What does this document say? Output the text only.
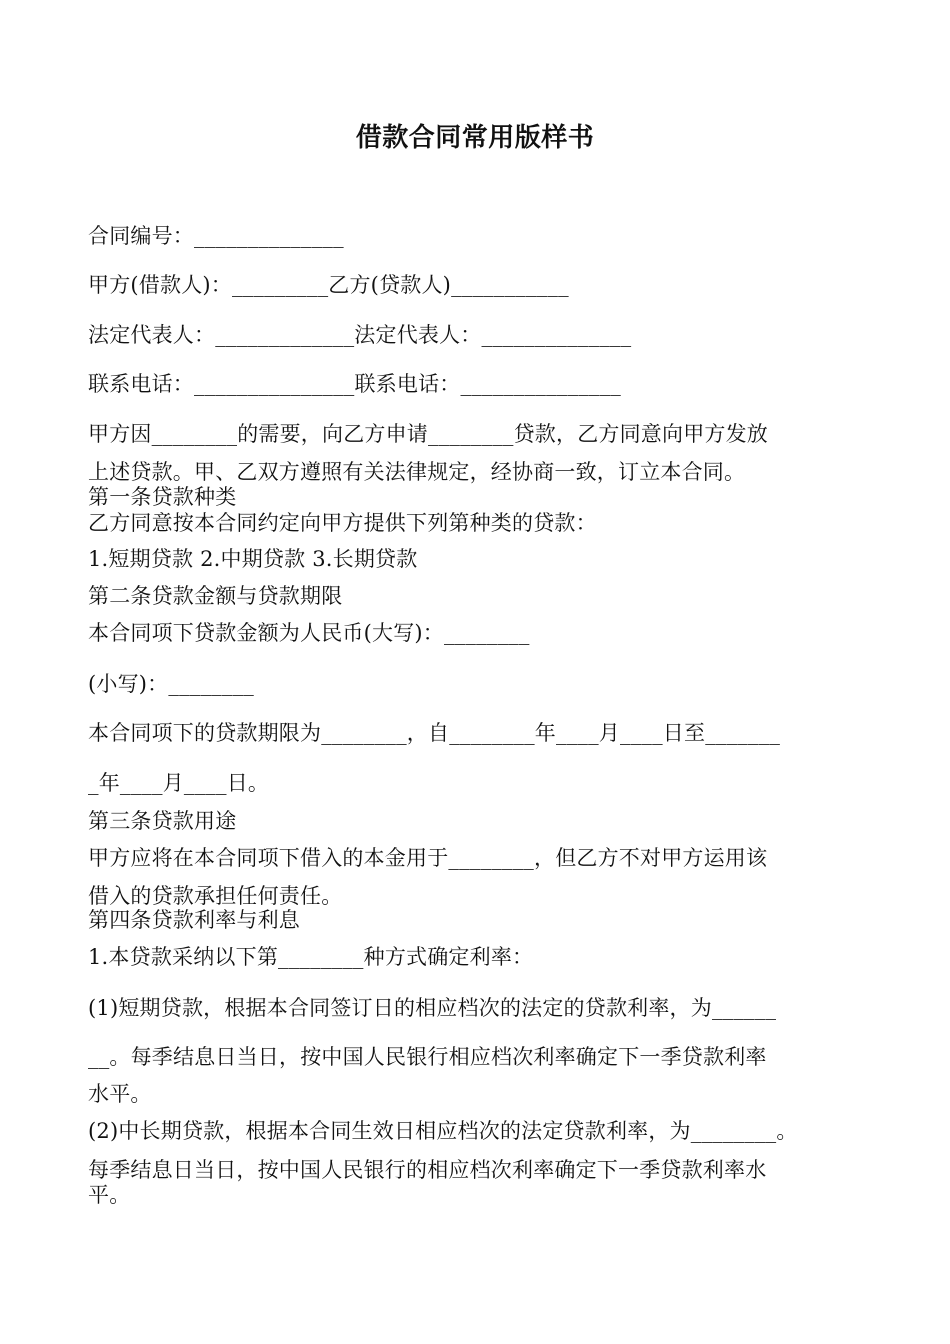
借款合同常用版样书
合同编号：______________
甲方(借款人)：_________乙方(贷款人)___________
法定代表人：_____________法定代表人：______________
联系电话：_______________联系电话：_______________
甲方因________的需要，向乙方申请________贷款，乙方同意向甲方发放
上述贷款。甲、乙双方遵照有关法律规定，经协商一致，订立本合同。
第一条贷款种类
乙方同意按本合同约定向甲方提供下列第种类的贷款：
1.短期贷款 2.中期贷款 3.长期贷款
第二条贷款金额与贷款期限
本合同项下贷款金额为人民币(大写)：________
(小写)：________
本合同项下的贷款期限为________，自________年____月____日至_______
_年____月____日。
第三条贷款用途
甲方应将在本合同项下借入的本金用于________，但乙方不对甲方运用该
借入的贷款承担任何责任。
第四条贷款利率与利息
1.本贷款采纳以下第________种方式确定利率：
(1)短期贷款，根据本合同签订日的相应档次的法定的贷款利率，为______
__。每季结息日当日，按中国人民银行相应档次利率确定下一季贷款利率
水平。
(2)中长期贷款，根据本合同生效日相应档次的法定贷款利率，为________。
每季结息日当日，按中国人民银行的相应档次利率确定下一季贷款利率水
平。
